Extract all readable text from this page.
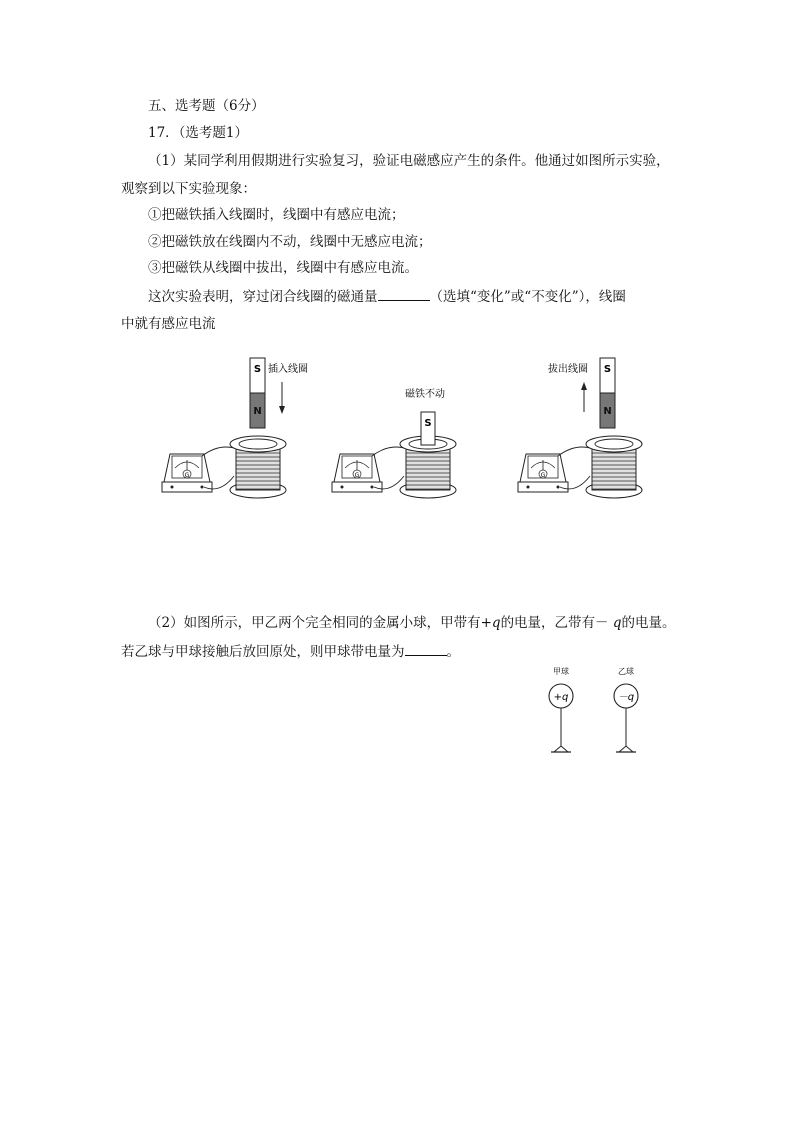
五、选考题（6分）
17．（选考题1）
（1）某同学利用假期进行实验复习，验证电磁感应产生的条件。他通过如图所示实验，
观察到以下实验现象：
①把磁铁插入线圈时，线圈中有感应电流；
②把磁铁放在线圈内不动，线圈中无感应电流；
③把磁铁从线圈中拔出，线圈中有感应电流。
这次实验表明，穿过闭合线圈的磁通量	（选填“变化”或“不变化”），线圈
中就有感应电流
G
S
N
插入线圈
G
S
磁铁不动
G
S
N
拔出线圈
（2）如图所示，甲乙两个完全相同的金属小球，甲带有+q的电量，乙带有－ q的电量。
若乙球与甲球接触后放回原处，则甲球带电量为	。
甲球
+q
乙球
－q
